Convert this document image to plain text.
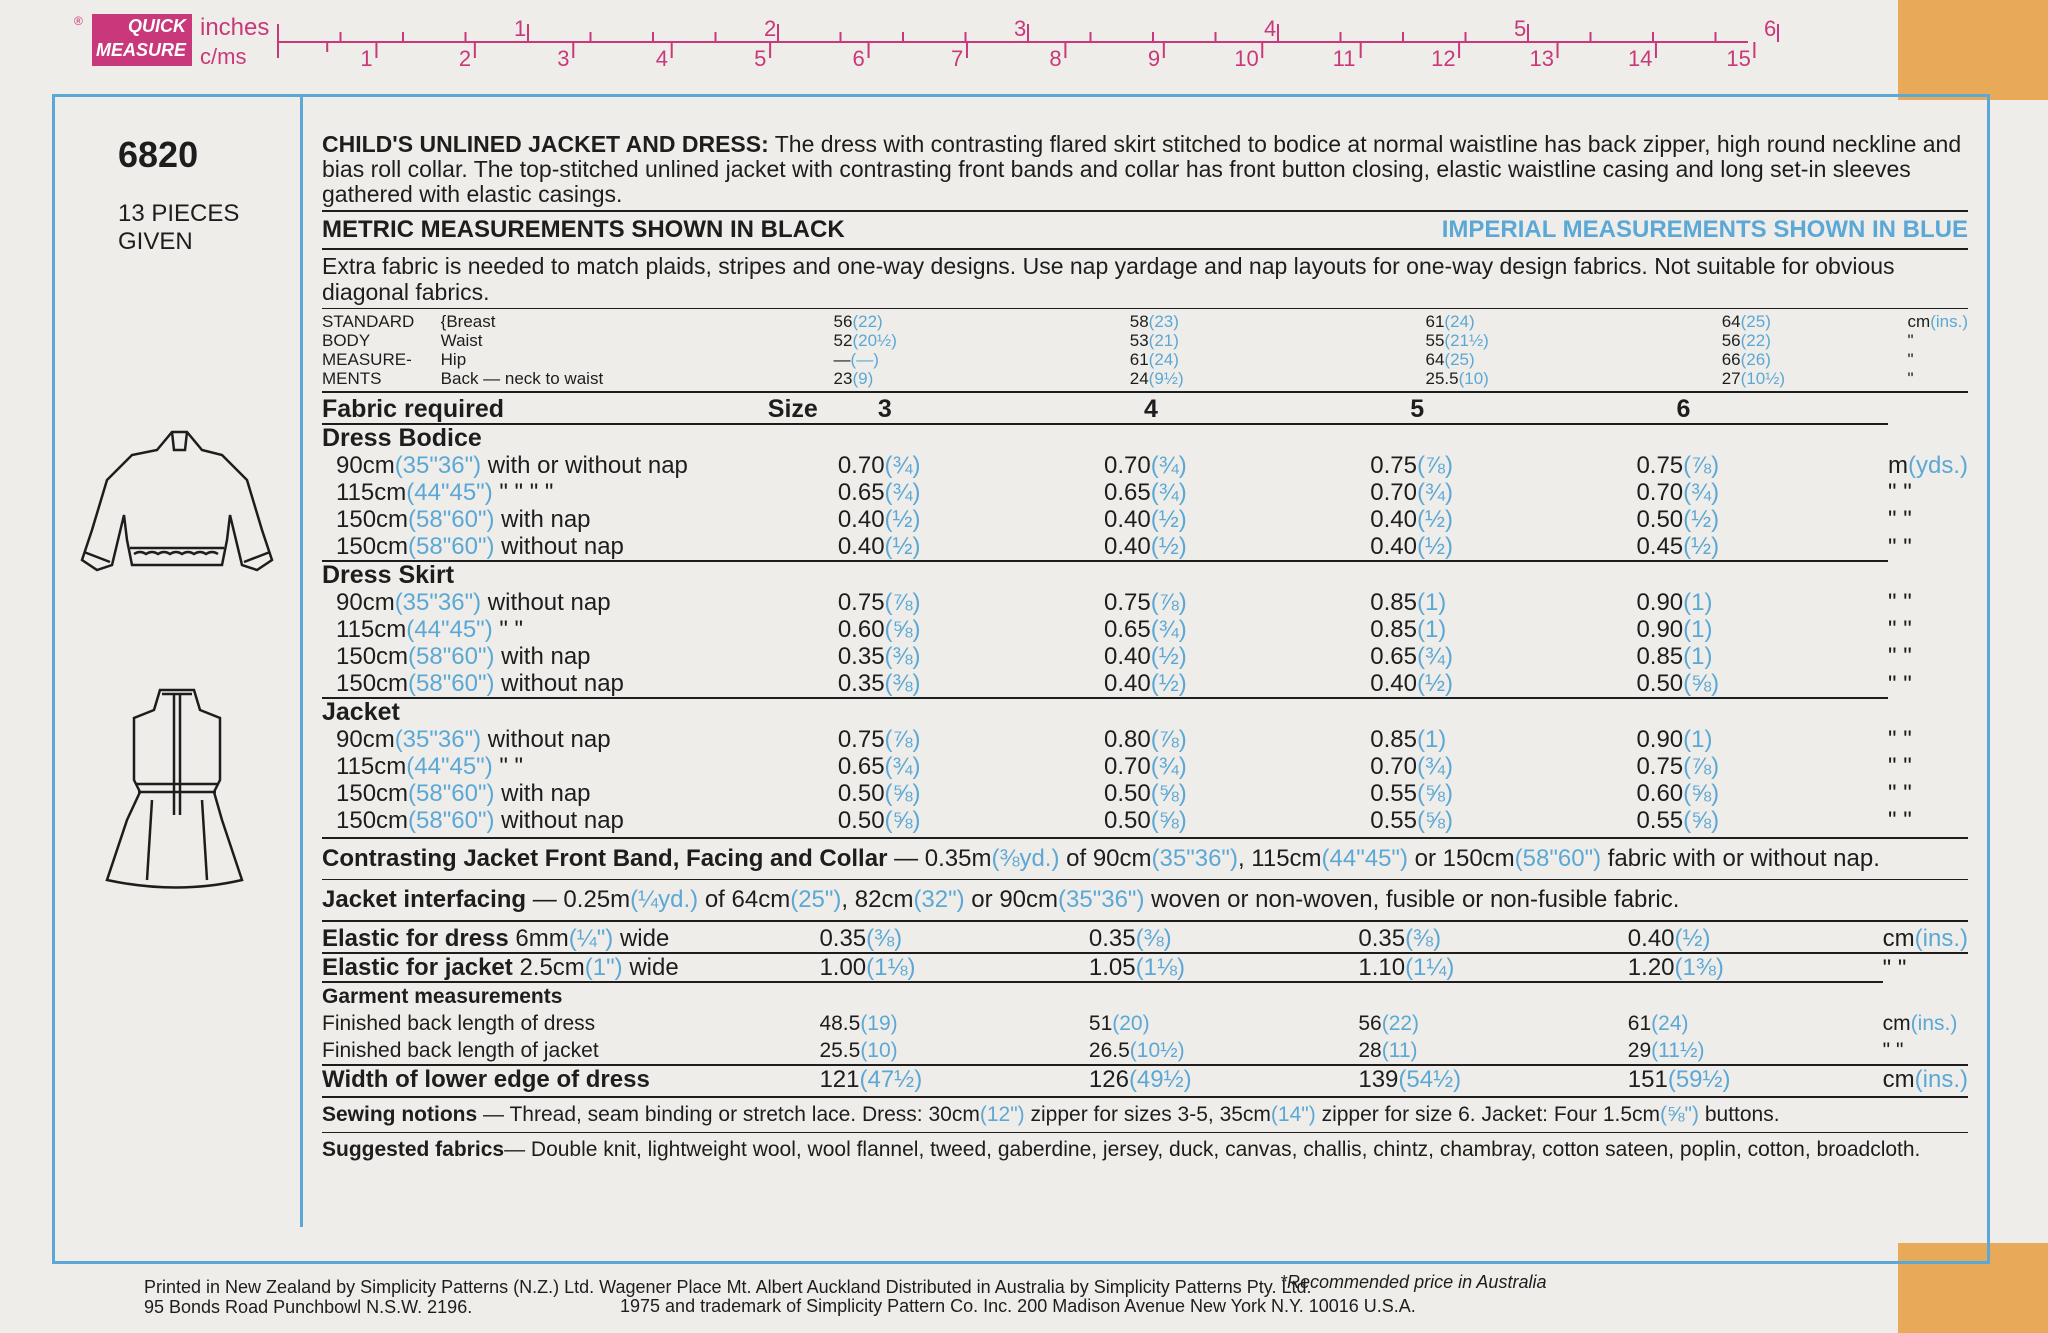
®	QUICK
MEASURE
inches
c/ms
1	2	3	4	5	6
1	2	3	4	5	6	7	8	9	10	11	12	13	14	15
6820
13 PIECES GIVEN
CHILD'S UNLINED JACKET AND DRESS: The dress with contrasting flared skirt stitched to bodice at normal waistline has back zipper, high round neckline and bias roll collar. The top-stitched unlined jacket with contrasting front bands and collar has front button closing, elastic waistline casing and long set-in sleeves gathered with elastic casings.
METRIC MEASUREMENTS SHOWN IN BLACK	IMPERIAL MEASUREMENTS SHOWN IN BLUE
Extra fabric is needed to match plaids, stripes and one-way designs. Use nap yardage and nap layouts for one-way design fabrics. Not suitable for obvious diagonal fabrics.
STANDARD	{Breast	56(22)	58(23)	61(24)	64(25)	cm(ins.)
BODY	Waist	52(20½)	53(21)	55(21½)	56(22)	"
MEASURE-	Hip	—(—)	61(24)	64(25)	66(26)	"
MENTS	Back — neck to waist	23(9)	24(9½)	25.5(10)	27(10½)	"
Fabric required	Size	3	4	5	6	
Dress Bodice						
90cm(35"36") with or without nap		0.70(¾)	0.70(¾)	0.75(⅞)	0.75(⅞)	m(yds.)
115cm(44"45") " " " "		0.65(¾)	0.65(¾)	0.70(¾)	0.70(¾)	" "
150cm(58"60") with nap		0.40(½)	0.40(½)	0.40(½)	0.50(½)	" "
150cm(58"60") without nap		0.40(½)	0.40(½)	0.40(½)	0.45(½)	" "
Dress Skirt						
90cm(35"36") without nap		0.75(⅞)	0.75(⅞)	0.85(1)	0.90(1)	" "
115cm(44"45") " "		0.60(⅝)	0.65(¾)	0.85(1)	0.90(1)	" "
150cm(58"60") with nap		0.35(⅜)	0.40(½)	0.65(¾)	0.85(1)	" "
150cm(58"60") without nap		0.35(⅜)	0.40(½)	0.40(½)	0.50(⅝)	" "
Jacket						
90cm(35"36") without nap		0.75(⅞)	0.80(⅞)	0.85(1)	0.90(1)	" "
115cm(44"45") " "		0.65(¾)	0.70(¾)	0.70(¾)	0.75(⅞)	" "
150cm(58"60") with nap		0.50(⅝)	0.50(⅝)	0.55(⅝)	0.60(⅝)	" "
150cm(58"60") without nap		0.50(⅝)	0.50(⅝)	0.55(⅝)	0.55(⅝)	" "
Contrasting Jacket Front Band, Facing and Collar — 0.35m(⅜yd.) of 90cm(35"36"), 115cm(44"45") or 150cm(58"60") fabric with or without nap.
Jacket interfacing — 0.25m(¼yd.) of 64cm(25"), 82cm(32") or 90cm(35"36") woven or non-woven, fusible or non-fusible fabric.
Elastic for dress 6mm(¼") wide	0.35(⅜)	0.35(⅜)	0.35(⅜)	0.40(½)	cm(ins.)
Elastic for jacket 2.5cm(1") wide	1.00(1⅛)	1.05(1⅛)	1.10(1¼)	1.20(1⅜)	" "
Garment measurements					
Finished back length of dress	48.5(19)	51(20)	56(22)	61(24)	cm(ins.)
Finished back length of jacket	25.5(10)	26.5(10½)	28(11)	29(11½)	" "
Width of lower edge of dress	121(47½)	126(49½)	139(54½)	151(59½)	cm(ins.)
Sewing notions — Thread, seam binding or stretch lace. Dress: 30cm(12") zipper for sizes 3-5, 35cm(14") zipper for size 6. Jacket: Four 1.5cm(⅝") buttons.
Suggested fabrics— Double knit, lightweight wool, wool flannel, tweed, gaberdine, jersey, duck, canvas, challis, chintz, chambray, cotton sateen, poplin, cotton, broadcloth.
*Recommended price in Australia
Printed in New Zealand by Simplicity Patterns (N.Z.) Ltd. Wagener Place Mt. Albert Auckland Distributed in Australia by Simplicity Patterns Pty. Ltd.
95 Bonds Road Punchbowl N.S.W. 2196.	1975 and trademark of Simplicity Pattern Co. Inc. 200 Madison Avenue New York N.Y. 10016 U.S.A.
